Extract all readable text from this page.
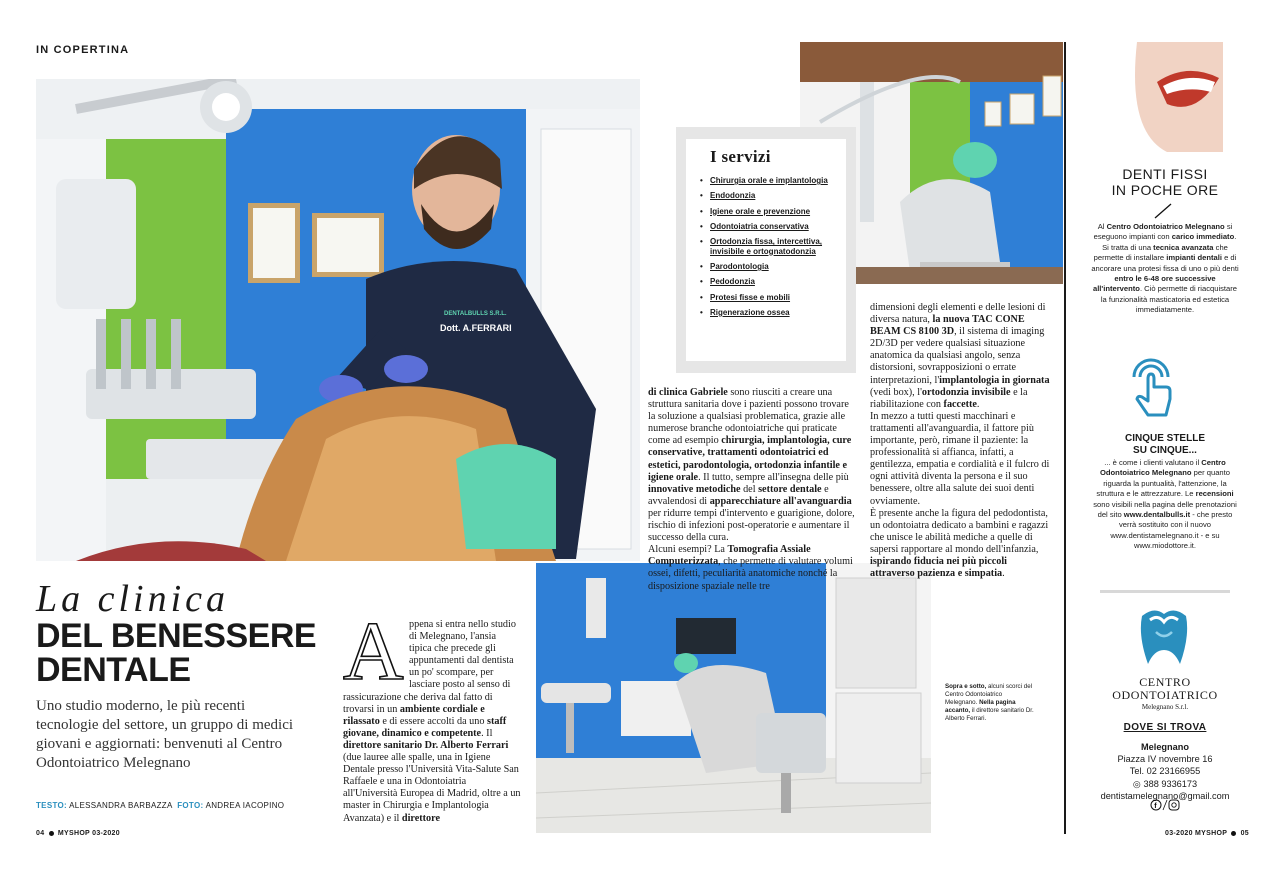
IN COPERTINA
DENTALBULLS S.R.L.
Dott. A.FERRARI
La clinica
DEL BENESSERE
DENTALE
Uno studio moderno, le più recenti tecnologie del settore, un gruppo di medici giovani e aggiornati: benvenuti al Centro Odontoiatrico Melegnano
TESTO: ALESSANDRA BARBAZZA FOTO: ANDREA IACOPINO
04 MYSHOP 03-2020	03-2020 MYSHOP 05
A ppena si entra nello studio di Melegnano, l'ansia tipica che precede gli appuntamenti dal dentista un po' scompare, per lasciare posto al senso di rassicurazione che deriva dal fatto di trovarsi in un ambiente cordiale e rilassato e di essere accolti da uno staff giovane, dinamico e competente. Il direttore sanitario Dr. Alberto Ferrari (due lauree alle spalle, una in Igiene Dentale presso l'Università Vita-Salute San Raffaele e una in Odontoiatria all'Università Europea di Madrid, oltre a un master in Chirurgia e Implantologia Avanzata) e il direttore
di clinica Gabriele sono riusciti a creare una struttura sanitaria dove i pazienti possono trovare la soluzione a qualsiasi problematica, grazie alle numerose branche odontoiatriche qui praticate come ad esempio chirurgia, implantologia, cure conservative, trattamenti odontoiatrici ed estetici, parodontologia, ortodonzia infantile e igiene orale. Il tutto, sempre all'insegna delle più innovative metodiche del settore dentale e avvalendosi di apparecchiature all'avanguardia per ridurre tempi d'intervento e guarigione, dolore, rischio di infezioni post-operatorie e aumentare il successo della cura.
Alcuni esempi? La Tomografia Assiale Computerizzata, che permette di valutare volumi ossei, difetti, peculiarità anatomiche nonché la disposizione spaziale nelle tre
dimensioni degli elementi e delle lesioni di diversa natura, la nuova TAC CONE BEAM CS 8100 3D, il sistema di imaging 2D/3D per vedere qualsiasi situazione anatomica da qualsiasi angolo, senza distorsioni, sovrapposizioni o errate interpretazioni, l'implantologia in giornata (vedi box), l'ortodonzia invisibile e la riabilitazione con faccette.
In mezzo a tutti questi macchinari e trattamenti all'avanguardia, il fattore più importante, però, rimane il paziente: la professionalità si affianca, infatti, a gentilezza, empatia e cordialità e il fulcro di ogni attività diventa la persona e il suo benessere, oltre alla salute dei suoi denti ovviamente.
È presente anche la figura del pedodontista, un odontoiatra dedicato a bambini e ragazzi che unisce le abilità mediche a quelle di sapersi rapportare al mondo dell'infanzia, ispirando fiducia nei più piccoli attraverso pazienza e simpatia.
I servizi
• Chirurgia orale e implantologia
• Endodonzia
• Igiene orale e prevenzione
• Odontoiatria conservativa
• Ortodonzia fissa, intercettiva, invisibile e ortognatodonzia
• Parodontologia
• Pedodonzia
• Protesi fisse e mobili
• Rigenerazione ossea
Sopra e sotto, alcuni scorci del Centro Odontoiatrico Melegnano. Nella pagina accanto, il direttore sanitario Dr. Alberto Ferrari.
DENTI FISSI
IN POCHE ORE
Al Centro Odontoiatrico Melegnano si eseguono impianti con carico immediato. Si tratta di una tecnica avanzata che permette di installare impianti dentali e di ancorare una protesi fissa di uno o più denti entro le 6-48 ore successive all'intervento. Ciò permette di riacquistare la funzionalità masticatoria ed estetica immediatamente.
CINQUE STELLE
SU CINQUE...
... è come i clienti valutano il Centro Odontoiatrico Melegnano per quanto riguarda la puntualità, l'attenzione, la struttura e le attrezzature. Le recensioni sono visibili nella pagina delle prenotazioni del sito www.dentalbulls.it - che presto verrà sostituito con il nuovo www.dentistamelegnano.it - e su www.miodottore.it.
CENTRO
ODONTOIATRICO
Melegnano S.r.l.
DOVE SI TROVA
Melegnano
Piazza IV novembre 16
Tel. 02 23166955
◎ 388 9336173
dentistamelegnano@gmail.com
f
